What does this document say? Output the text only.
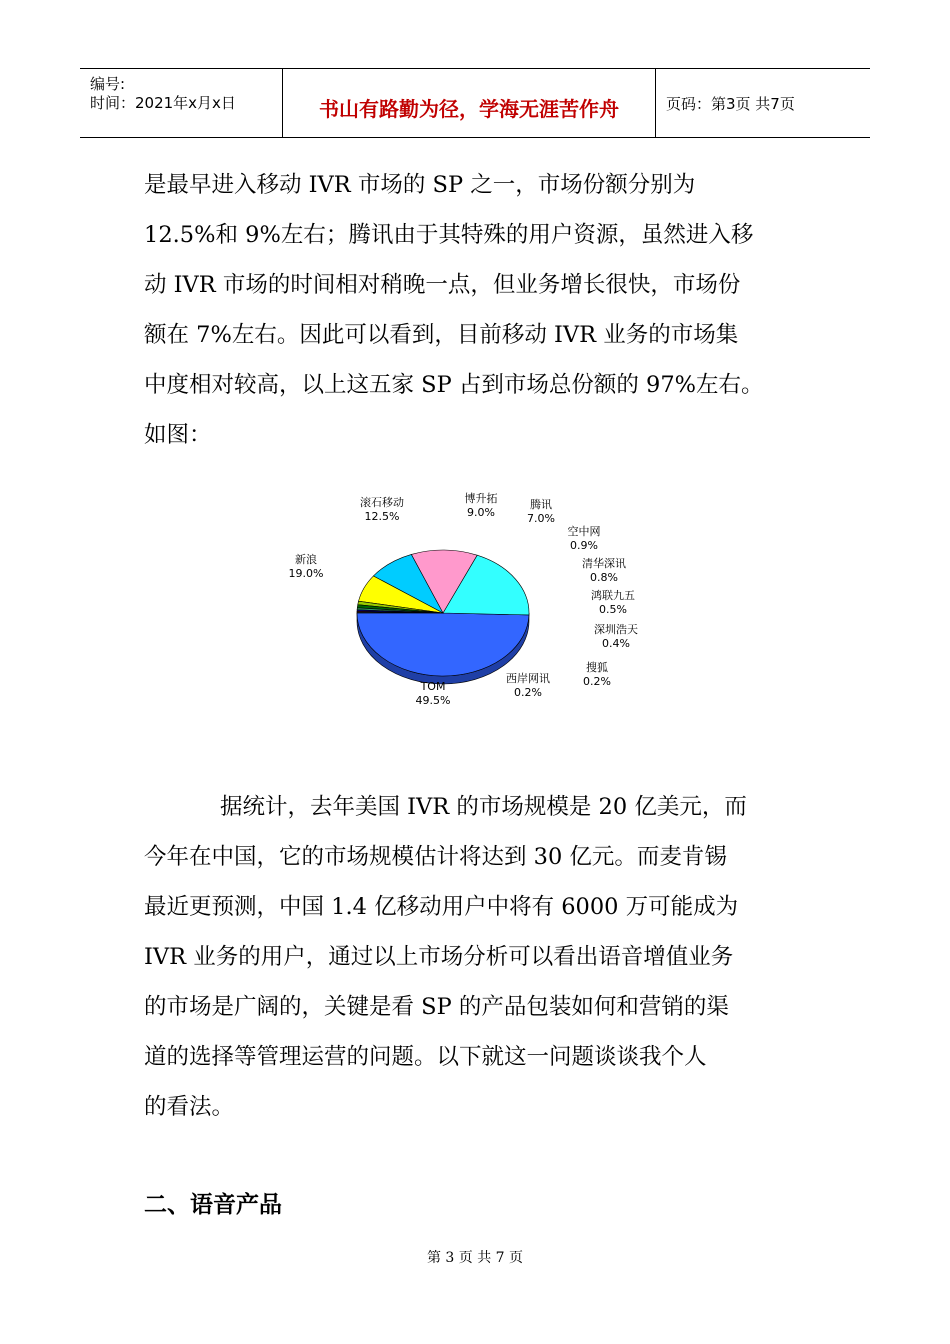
编号:
时间：2021年x月x日	书山有路勤为径，学海无涯苦作舟	页码：第3页 共7页
是最早进入移动 IVR 市场的 SP 之一，市场份额分别为
12.5%和 9%左右；腾讯由于其特殊的用户资源，虽然进入移
动 IVR 市场的时间相对稍晚一点，但业务增长很快，市场份
额在 7%左右。因此可以看到，目前移动 IVR 业务的市场集
中度相对较高，以上这五家 SP 占到市场总份额的 97%左右。
如图：
TOM
49.5%
新浪
19.0%
滚石移动
12.5%
博升拓
9.0%
腾讯
7.0%
空中网
0.9%
清华深讯
0.8%
鸿联九五
0.5%
深圳浩天
0.4%
搜狐
0.2%
西岸网讯
0.2%
据统计，去年美国 IVR 的市场规模是 20 亿美元，而
今年在中国，它的市场规模估计将达到 30 亿元。而麦肯锡
最近更预测，中国 1.4 亿移动用户中将有 6000 万可能成为
IVR 业务的用户，通过以上市场分析可以看出语音增值业务
的市场是广阔的，关键是看 SP 的产品包装如何和营销的渠
道的选择等管理运营的问题。以下就这一问题谈谈我个人
的看法。
二、语音产品
第 3 页 共 7 页
